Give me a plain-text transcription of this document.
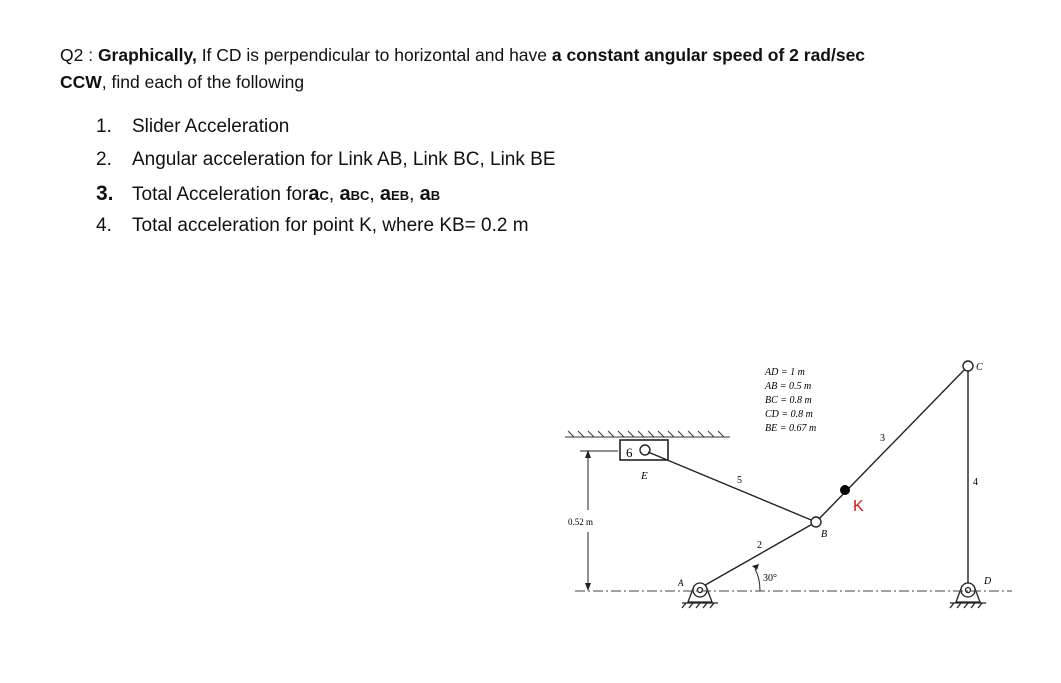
Q2 : Graphically, If CD is perpendicular to horizontal and have a constant angular speed of 2 rad/sec
CCW, find each of the following
1.	Slider Acceleration
2.	Angular acceleration for Link AB, Link BC, Link BE
3. Total Acceleration for aC , aBC , aEB , aB
4.	Total acceleration for point K, where KB= 0.2 m
6
E	5
2
3
4
B
C
K
A	D
30°
0.52 m
AD = 1 m
AB = 0.5 m
BC = 0.8 m
CD = 0.8 m
BE = 0.67 m
